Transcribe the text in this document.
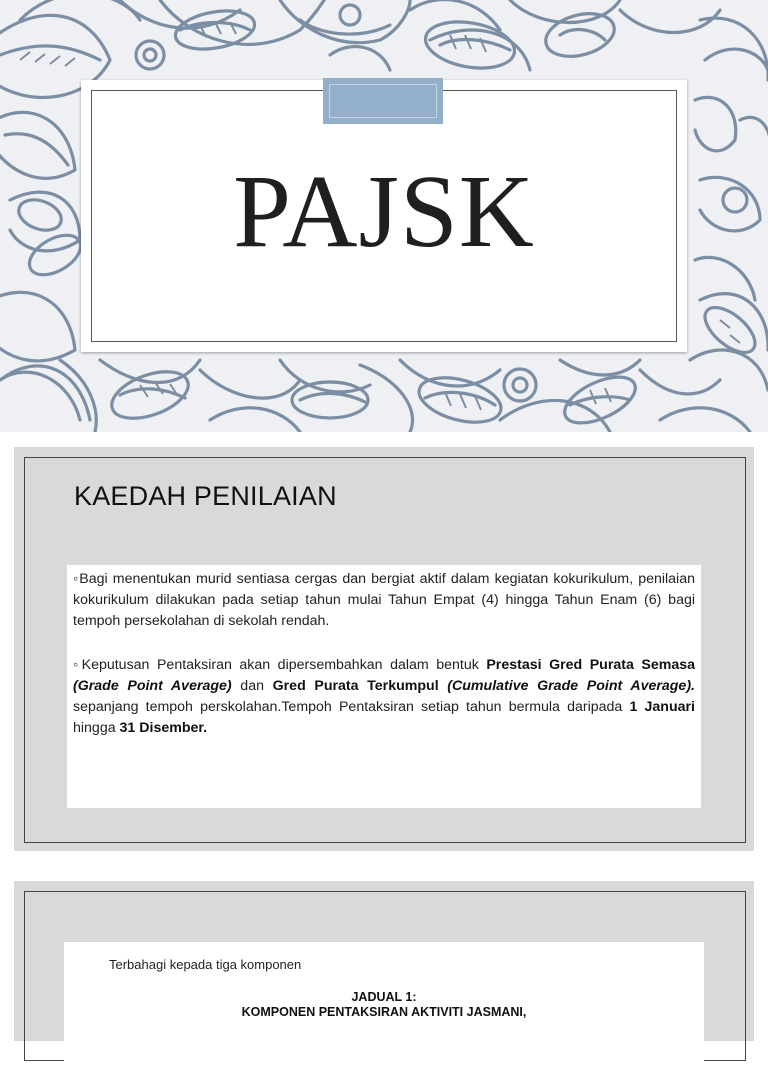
PAJSK
KAEDAH PENILAIAN

◦Bagi menentukan murid sentiasa cergas dan bergiat aktif dalam kegiatan kokurikulum, penilaian kokurikulum dilakukan pada setiap tahun mulai Tahun Empat (4) hingga Tahun Enam (6) bagi tempoh persekolahan di sekolah rendah.

◦Keputusan Pentaksiran akan dipersembahkan dalam bentuk Prestasi Gred Purata Semasa (Grade Point Average) dan Gred Purata Terkumpul (Cumulative Grade Point Average). sepanjang tempoh perskolahan.Tempoh Pentaksiran setiap tahun bermula daripada 1 Januari hingga 31 Disember.

Terbahagi kepada tiga komponen
JADUAL 1:
KOMPONEN PENTAKSIRAN AKTIVITI JASMANI,
